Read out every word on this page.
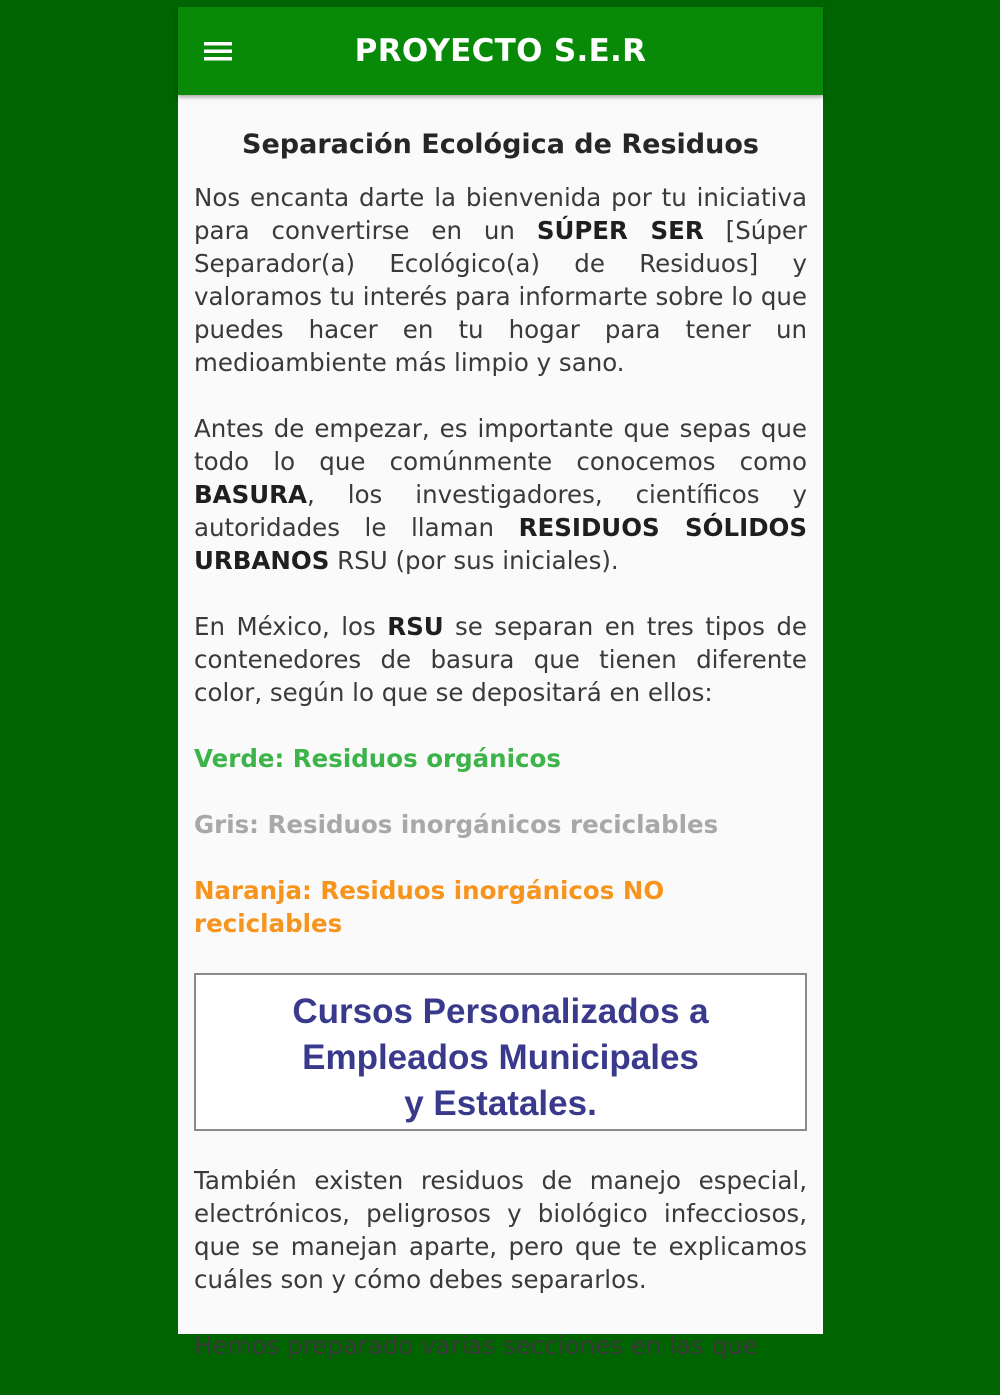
PROYECTO S.E.R
Separación Ecológica de Residuos

Nos encanta darte la bienvenida por tu iniciativa para convertirse en un SÚPER SER [Súper Separador(a) Ecológico(a) de Residuos] y valoramos tu interés para informarte sobre lo que puedes hacer en tu hogar para tener un medioambiente más limpio y sano.

Antes de empezar, es importante que sepas que todo lo que comúnmente conocemos como BASURA, los investigadores, científicos y autoridades le llaman RESIDUOS SÓLIDOS URBANOS RSU (por sus iniciales).

En México, los RSU se separan en tres tipos de contenedores de basura que tienen diferente color, según lo que se depositará en ellos:

Verde: Residuos orgánicos
Gris: Residuos inorgánicos reciclables
Naranja: Residuos inorgánicos NO reciclables
Cursos Personalizados a
Empleados Municipales
y Estatales.

También existen residuos de manejo especial, electrónicos, peligrosos y biológico infecciosos, que se manejan aparte, pero que te explicamos cuáles son y cómo debes separarlos.

Hemos preparado varias secciones en las que
